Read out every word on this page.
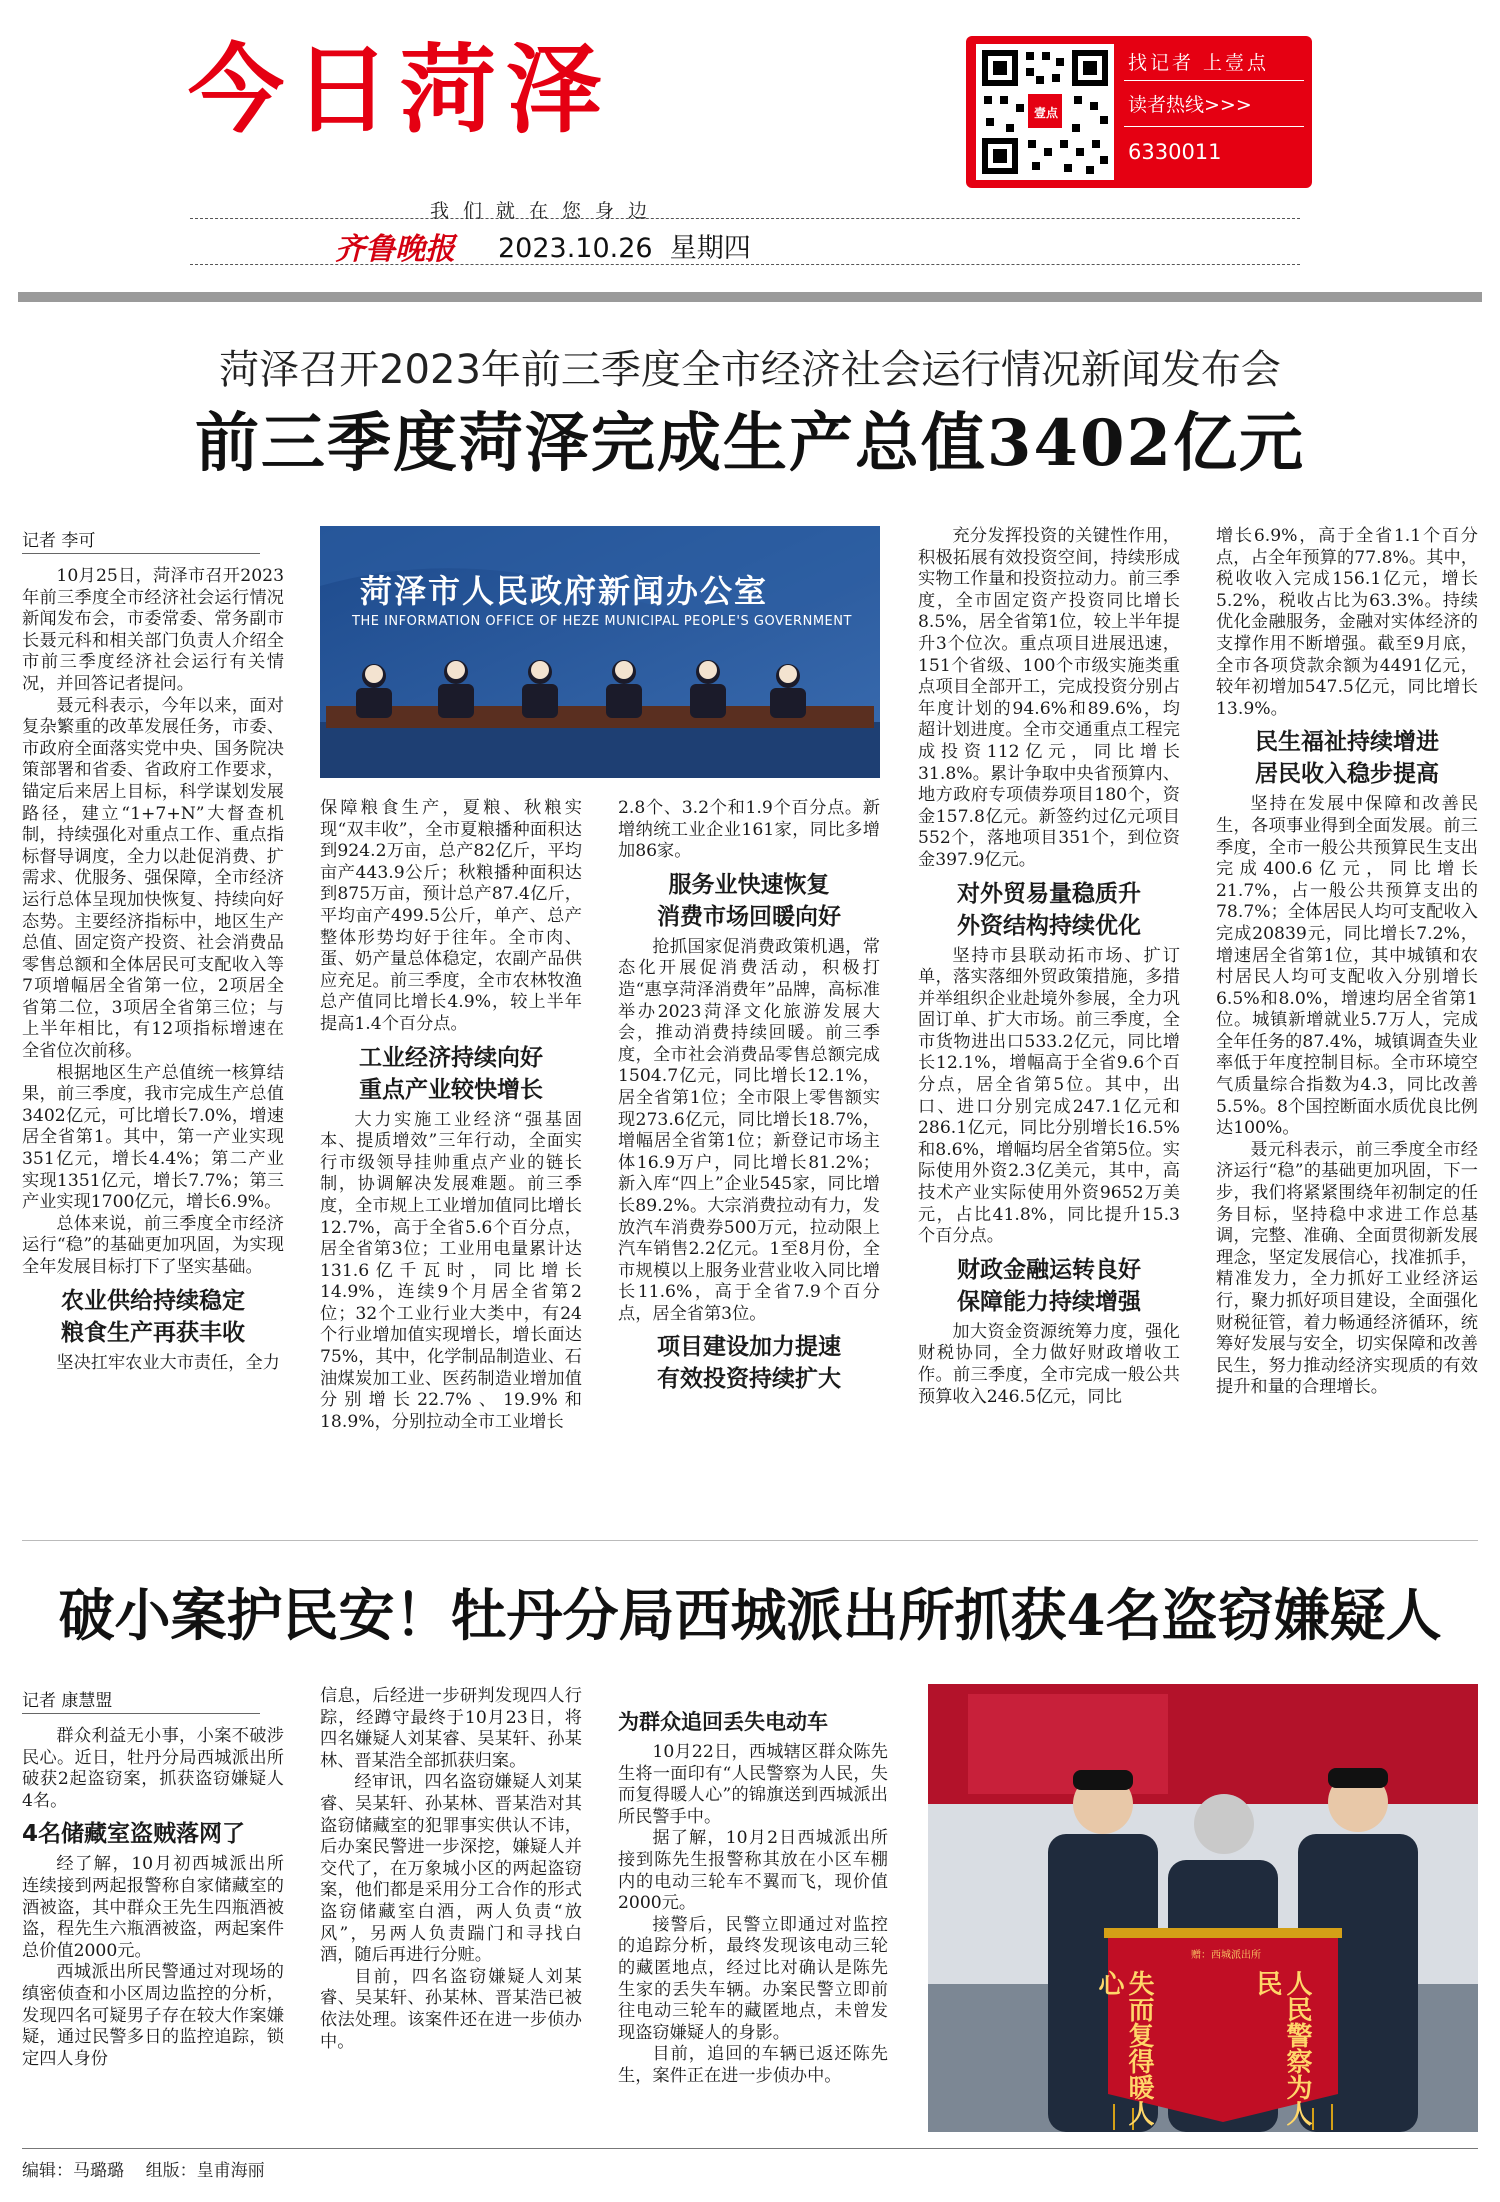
今日菏泽	壹点
找记者 上壹点
读者热线>>>
6330011
我们就在您身边
齐鲁晚报 2023.10.26 星期四
菏泽召开2023年前三季度全市经济社会运行情况新闻发布会
前三季度菏泽完成生产总值3402亿元
记者 李可

10月25日，菏泽市召开2023年前三季度全市经济社会运行情况新闻发布会，市委常委、常务副市长聂元科和相关部门负责人介绍全市前三季度经济社会运行有关情况，并回答记者提问。

聂元科表示，今年以来，面对复杂繁重的改革发展任务，市委、市政府全面落实党中央、国务院决策部署和省委、省政府工作要求，锚定后来居上目标，科学谋划发展路径，建立“1+7+N”大督查机制，持续强化对重点工作、重点指标督导调度，全力以赴促消费、扩需求、优服务、强保障，全市经济运行总体呈现加快恢复、持续向好态势。主要经济指标中，地区生产总值、固定资产投资、社会消费品零售总额和全体居民可支配收入等7项增幅居全省第一位，2项居全省第二位，3项居全省第三位；与上半年相比，有12项指标增速在全省位次前移。

根据地区生产总值统一核算结果，前三季度，我市完成生产总值3402亿元，可比增长7.0%，增速居全省第1。其中，第一产业实现351亿元，增长4.4%；第二产业实现1351亿元，增长7.7%；第三产业实现1700亿元，增长6.9%。

总体来说，前三季度全市经济运行“稳”的基础更加巩固，为实现全年发展目标打下了坚实基础。

农业供给持续稳定
粮食生产再获丰收

坚决扛牢农业大市责任，全力

菏泽市人民政府新闻办公室
THE INFORMATION OFFICE OF HEZE MUNICIPAL PEOPLE'S GOVERNMENT

保障粮食生产，夏粮、秋粮实现“双丰收”，全市夏粮播种面积达到924.2万亩，总产82亿斤，平均亩产443.9公斤；秋粮播种面积达到875万亩，预计总产87.4亿斤，平均亩产499.5公斤，单产、总产整体形势均好于往年。全市肉、蛋、奶产量总体稳定，农副产品供应充足。前三季度，全市农林牧渔总产值同比增长4.9%，较上半年提高1.4个百分点。

工业经济持续向好
重点产业较快增长

大力实施工业经济“强基固本、提质增效”三年行动，全面实行市级领导挂帅重点产业的链长制，协调解决发展难题。前三季度，全市规上工业增加值同比增长12.7%，高于全省5.6个百分点，居全省第3位；工业用电量累计达131.6亿千瓦时，同比增长14.9%，连续9个月居全省第2位；32个工业行业大类中，有24个行业增加值实现增长，增长面达75%，其中，化学制品制造业、石油煤炭加工业、医药制造业增加值分别增长22.7%、19.9%和18.9%，分别拉动全市工业增长

2.8个、3.2个和1.9个百分点。新增纳统工业企业161家，同比多增加86家。

服务业快速恢复
消费市场回暖向好

抢抓国家促消费政策机遇，常态化开展促消费活动，积极打造“惠享菏泽消费年”品牌，高标准举办2023菏泽文化旅游发展大会，推动消费持续回暖。前三季度，全市社会消费品零售总额完成1504.7亿元，同比增长12.1%，居全省第1位；全市限上零售额实现273.6亿元，同比增长18.7%，增幅居全省第1位；新登记市场主体16.9万户，同比增长81.2%；新入库“四上”企业545家，同比增长89.2%。大宗消费拉动有力，发放汽车消费券500万元，拉动限上汽车销售2.2亿元。1至8月份，全市规模以上服务业营业收入同比增长11.6%，高于全省7.9个百分点，居全省第3位。

项目建设加力提速
有效投资持续扩大

充分发挥投资的关键性作用，积极拓展有效投资空间，持续形成实物工作量和投资拉动力。前三季度，全市固定资产投资同比增长8.5%，居全省第1位，较上半年提升3个位次。重点项目进展迅速，151个省级、100个市级实施类重点项目全部开工，完成投资分别占年度计划的94.6%和89.6%，均超计划进度。全市交通重点工程完成投资112亿元，同比增长31.8%。累计争取中央省预算内、地方政府专项债券项目180个，资金157.8亿元。新签约过亿元项目552个，落地项目351个，到位资金397.9亿元。

对外贸易量稳质升
外资结构持续优化

坚持市县联动拓市场、扩订单，落实落细外贸政策措施，多措并举组织企业赴境外参展，全力巩固订单、扩大市场。前三季度，全市货物进出口533.2亿元，同比增长12.1%，增幅高于全省9.6个百分点，居全省第5位。其中，出口、进口分别完成247.1亿元和286.1亿元，同比分别增长16.5%和8.6%，增幅均居全省第5位。实际使用外资2.3亿美元，其中，高技术产业实际使用外资9652万美元，占比41.8%，同比提升15.3个百分点。

财政金融运转良好
保障能力持续增强

加大资金资源统筹力度，强化财税协同，全力做好财政增收工作。前三季度，全市完成一般公共预算收入246.5亿元，同比

增长6.9%，高于全省1.1个百分点，占全年预算的77.8%。其中，税收收入完成156.1亿元，增长5.2%，税收占比为63.3%。持续优化金融服务，金融对实体经济的支撑作用不断增强。截至9月底，全市各项贷款余额为4491亿元，较年初增加547.5亿元，同比增长13.9%。

民生福祉持续增进
居民收入稳步提高

坚持在发展中保障和改善民生，各项事业得到全面发展。前三季度，全市一般公共预算民生支出完成400.6亿元，同比增长21.7%，占一般公共预算支出的78.7%；全体居民人均可支配收入完成20839元，同比增长7.2%，增速居全省第1位，其中城镇和农村居民人均可支配收入分别增长6.5%和8.0%，增速均居全省第1位。城镇新增就业5.7万人，完成全年任务的87.4%，城镇调查失业率低于年度控制目标。全市环境空气质量综合指数为4.3，同比改善5.5%。8个国控断面水质优良比例达100%。

聂元科表示，前三季度全市经济运行“稳”的基础更加巩固，下一步，我们将紧紧围绕年初制定的任务目标，坚持稳中求进工作总基调，完整、准确、全面贯彻新发展理念，坚定发展信心，找准抓手，精准发力，全力抓好工业经济运行，聚力抓好项目建设，全面强化财税征管，着力畅通经济循环，统筹好发展与安全，切实保障和改善民生，努力推动经济实现质的有效提升和量的合理增长。

破小案护民安！牡丹分局西城派出所抓获4名盗窃嫌疑人
记者 康慧盟

群众利益无小事，小案不破涉民心。近日，牡丹分局西城派出所破获2起盗窃案，抓获盗窃嫌疑人4名。

4名储藏室盗贼落网了

经了解，10月初西城派出所连续接到两起报警称自家储藏室的酒被盗，其中群众王先生四瓶酒被盗，程先生六瓶酒被盗，两起案件总价值2000元。

西城派出所民警通过对现场的缜密侦查和小区周边监控的分析，发现四名可疑男子存在较大作案嫌疑，通过民警多日的监控追踪，锁定四人身份

信息，后经进一步研判发现四人行踪，经蹲守最终于10月23日，将四名嫌疑人刘某睿、吴某轩、孙某林、晋某浩全部抓获归案。

经审讯，四名盗窃嫌疑人刘某睿、吴某轩、孙某林、晋某浩对其盗窃储藏室的犯罪事实供认不讳，后办案民警进一步深挖，嫌疑人并交代了，在万象城小区的两起盗窃案，他们都是采用分工合作的形式盗窃储藏室白酒，两人负责“放风”，另两人负责踹门和寻找白酒，随后再进行分赃。

目前，四名盗窃嫌疑人刘某睿、吴某轩、孙某林、晋某浩已被依法处理。该案件还在进一步侦办中。

为群众追回丢失电动车

10月22日，西城辖区群众陈先生将一面印有“人民警察为人民，失而复得暖人心”的锦旗送到西城派出所民警手中。

据了解，10月2日西城派出所接到陈先生报警称其放在小区车棚内的电动三轮车不翼而飞，现价值2000元。

接警后，民警立即通过对监控的追踪分析，最终发现该电动三轮的藏匿地点，经过比对确认是陈先生家的丢失车辆。办案民警立即前往电动三轮车的藏匿地点，未曾发现盗窃嫌疑人的身影。

目前，追回的车辆已返还陈先生，案件正在进一步侦办中。

赠：西城派出所
人民警察为人民
失而复得暖人心
编辑：马璐璐 组版：皇甫海丽
